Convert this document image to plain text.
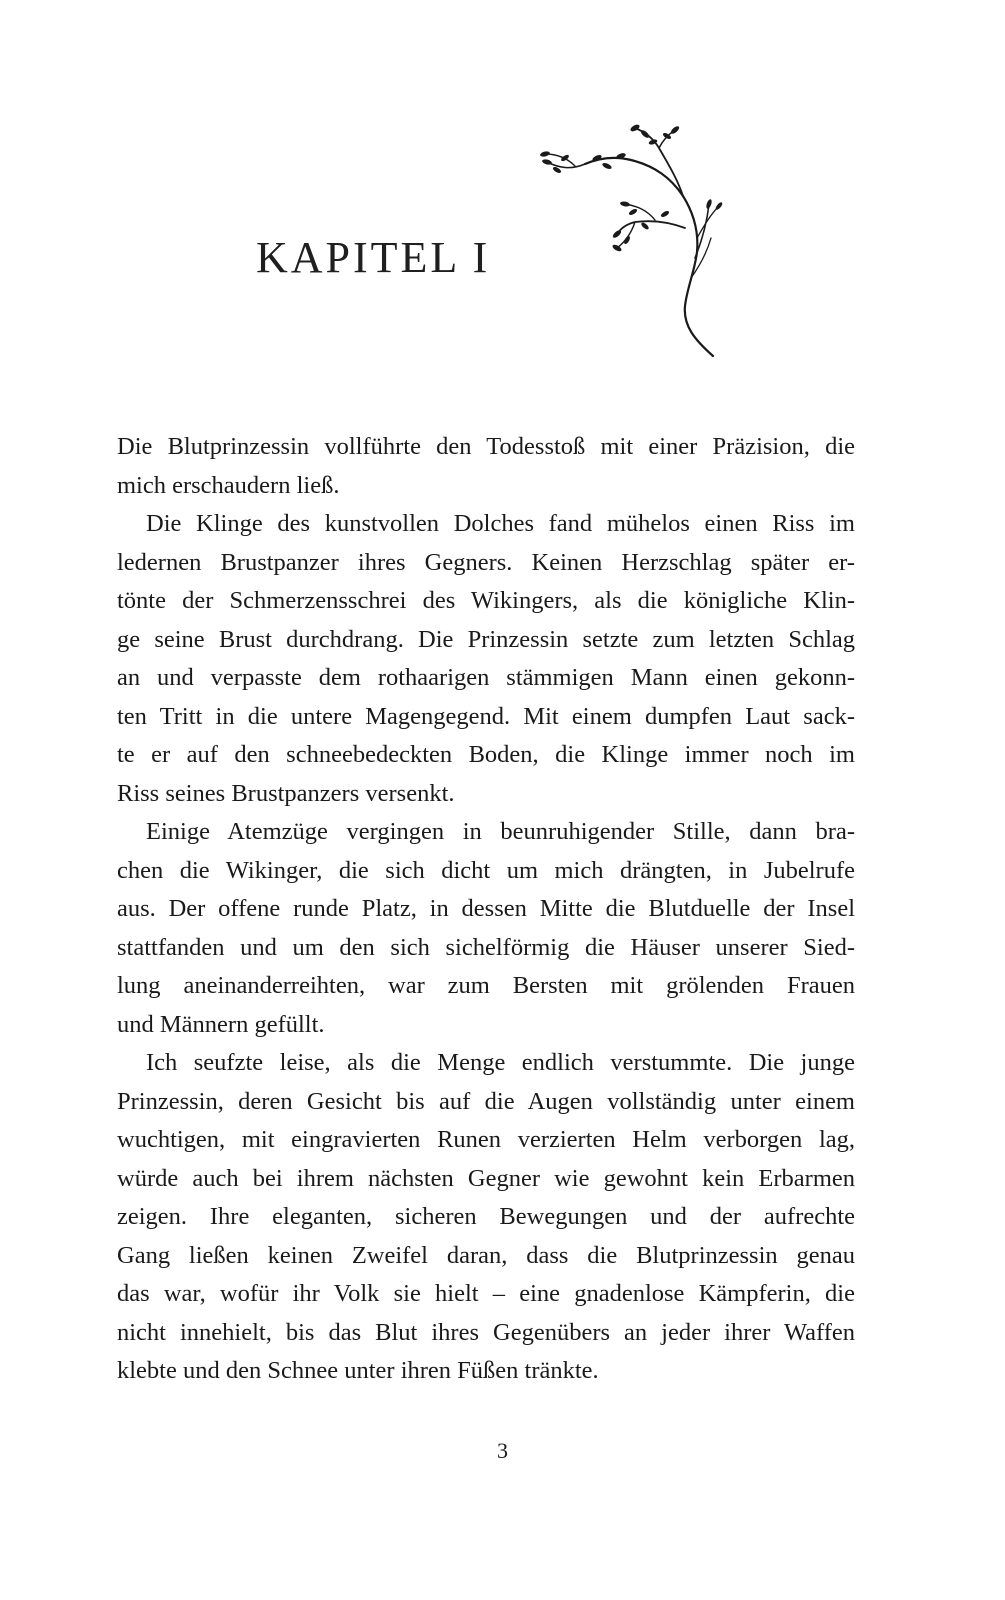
KAPITEL I

Die Blutprinzessin vollführte den Todesstoß mit einer Präzision, die
mich erschaudern ließ.

Die Klinge des kunstvollen Dolches fand mühelos einen Riss im
ledernen Brustpanzer ihres Gegners. Keinen Herzschlag später er-
tönte der Schmerzensschrei des Wikingers, als die königliche Klin-
ge seine Brust durchdrang. Die Prinzessin setzte zum letzten Schlag
an und verpasste dem rothaarigen stämmigen Mann einen gekonn-
ten Tritt in die untere Magengegend. Mit einem dumpfen Laut sack-
te er auf den schneebedeckten Boden, die Klinge immer noch im
Riss seines Brustpanzers versenkt.

Einige Atemzüge vergingen in beunruhigender Stille, dann bra-
chen die Wikinger, die sich dicht um mich drängten, in Jubelrufe
aus. Der offene runde Platz, in dessen Mitte die Blutduelle der Insel
stattfanden und um den sich sichelförmig die Häuser unserer Sied-
lung aneinanderreihten, war zum Bersten mit grölenden Frauen
und Männern gefüllt.

Ich seufzte leise, als die Menge endlich verstummte. Die junge
Prinzessin, deren Gesicht bis auf die Augen vollständig unter einem
wuchtigen, mit eingravierten Runen verzierten Helm verborgen lag,
würde auch bei ihrem nächsten Gegner wie gewohnt kein Erbarmen
zeigen. Ihre eleganten, sicheren Bewegungen und der aufrechte
Gang ließen keinen Zweifel daran, dass die Blutprinzessin genau
das war, wofür ihr Volk sie hielt – eine gnadenlose Kämpferin, die
nicht innehielt, bis das Blut ihres Gegenübers an jeder ihrer Waffen
klebte und den Schnee unter ihren Füßen tränkte.

3
